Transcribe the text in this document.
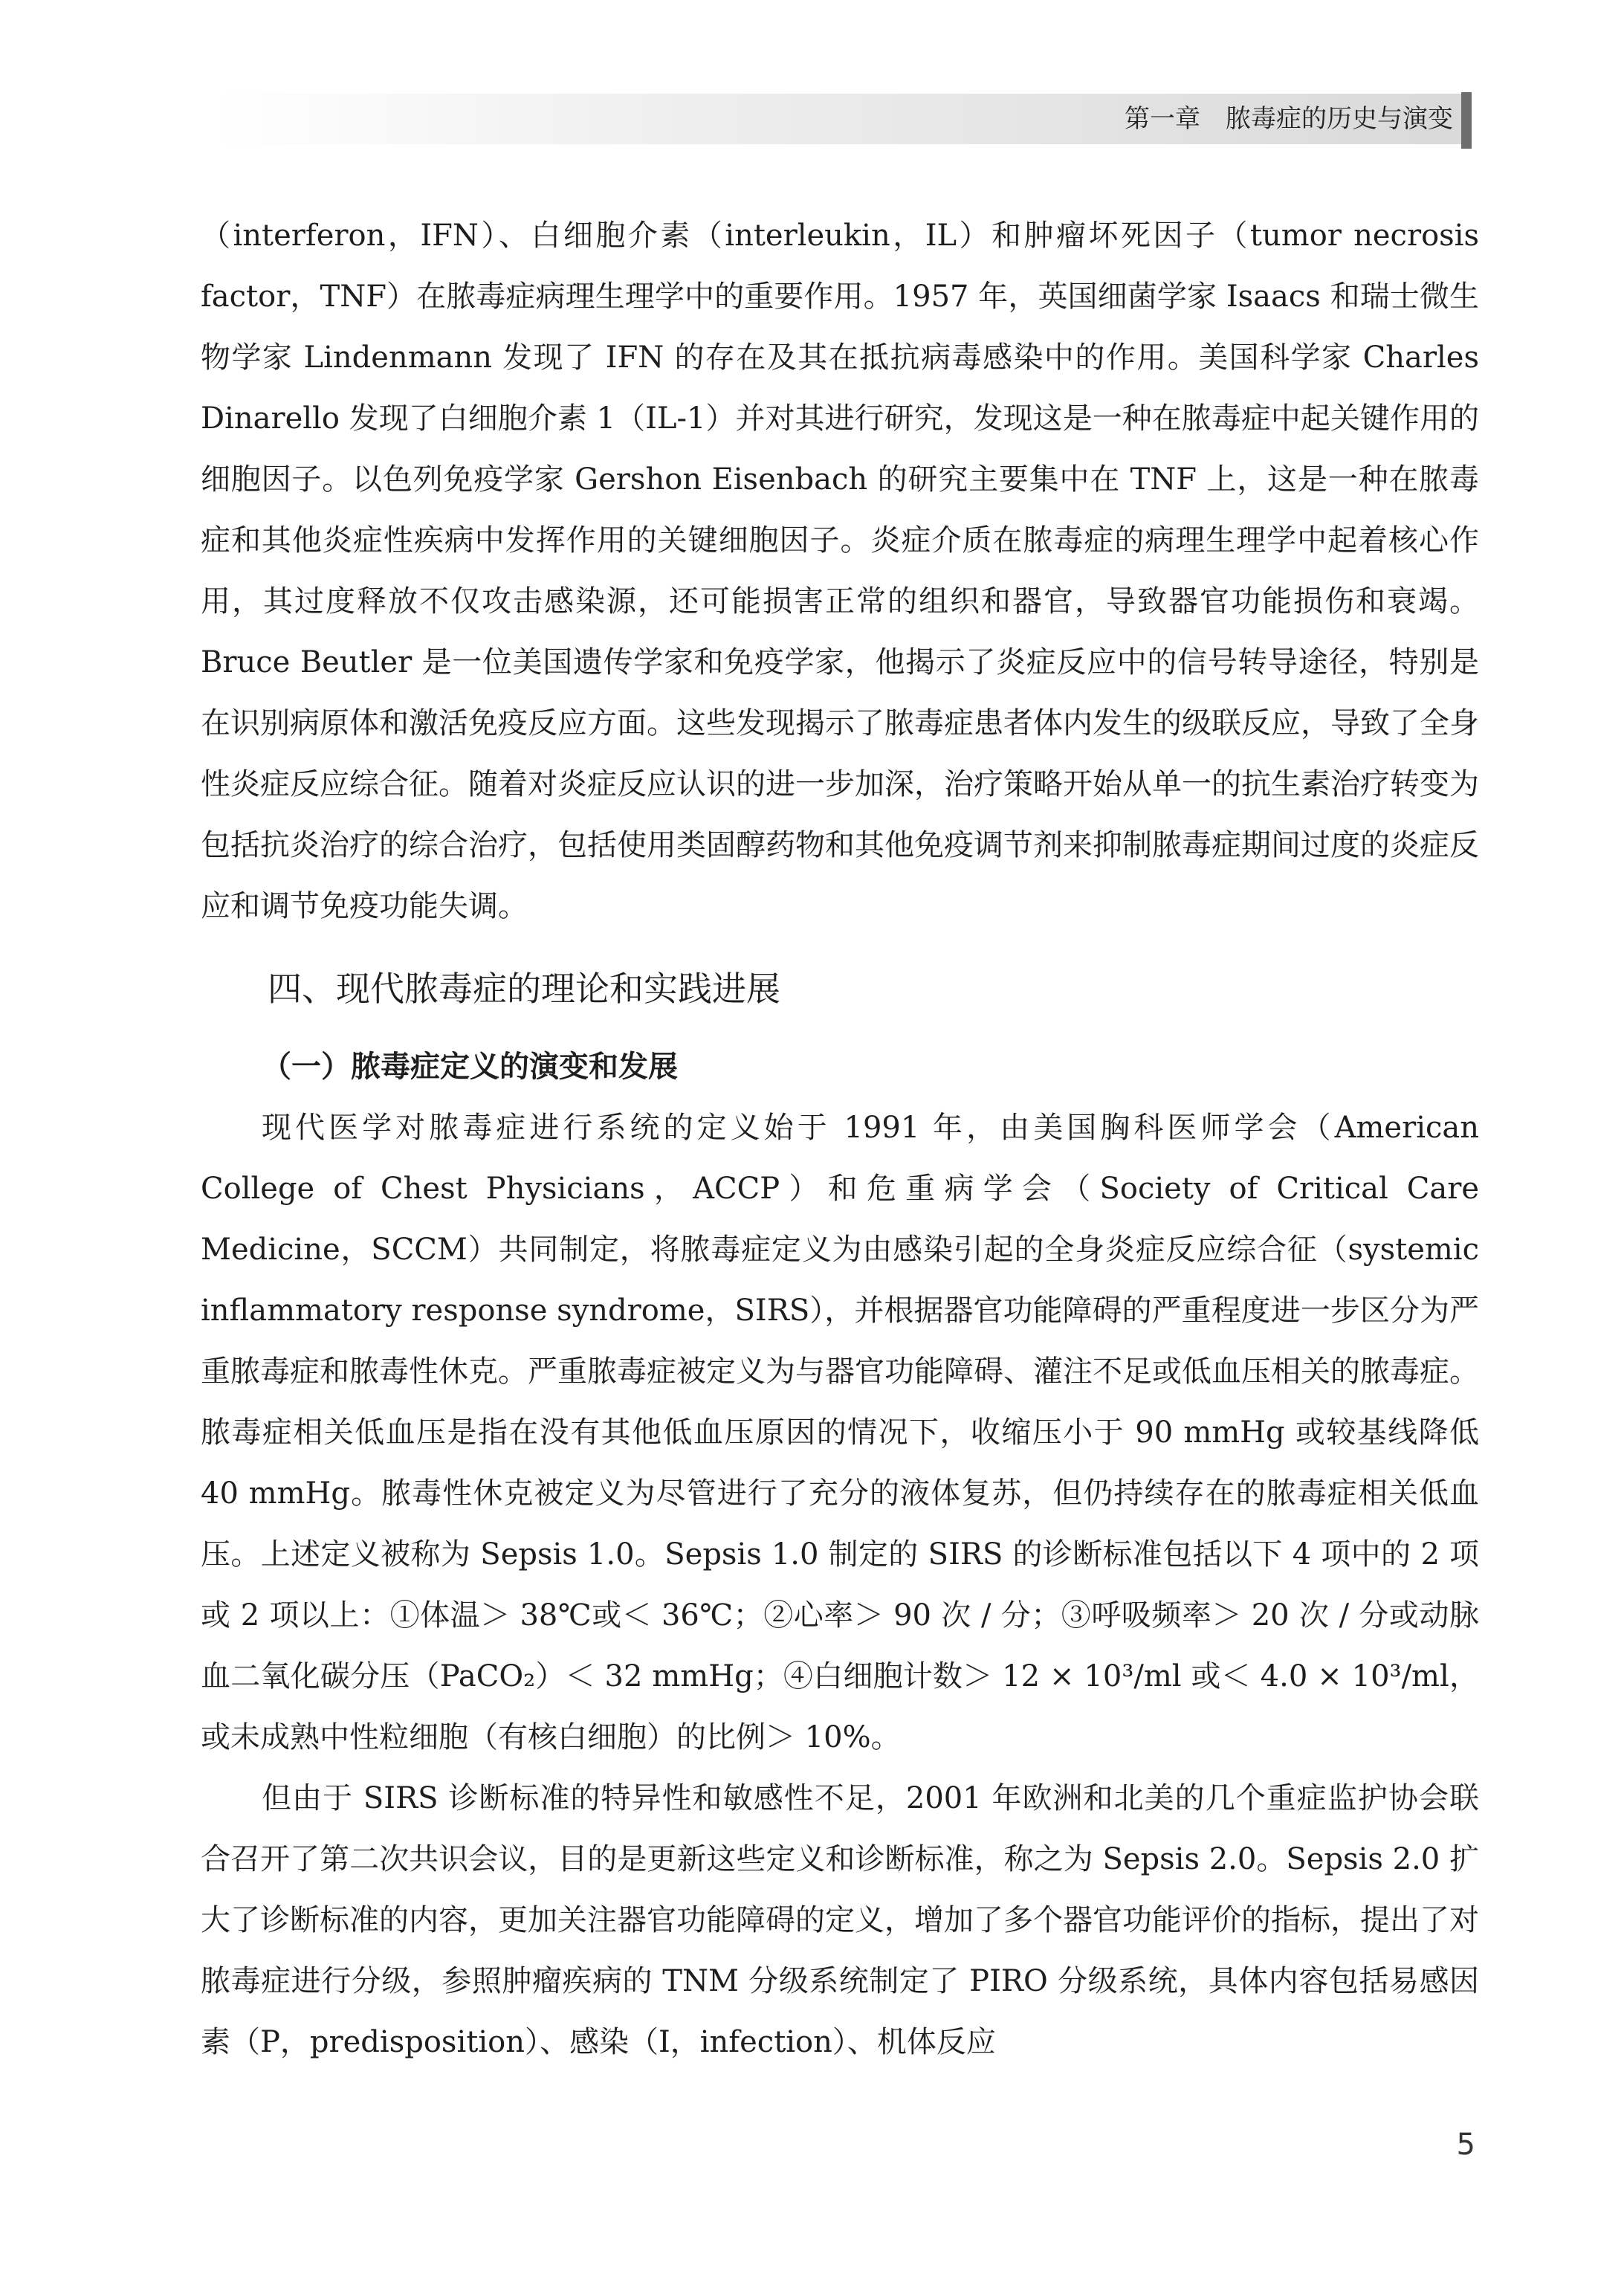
第一章　脓毒症的历史与演变

（interferon，IFN）、白细胞介素（interleukin，IL）和肿瘤坏死因子（tumor necrosis factor，TNF）在脓毒症病理生理学中的重要作用。1957 年，英国细菌学家 Isaacs 和瑞士微生物学家 Lindenmann 发现了 IFN 的存在及其在抵抗病毒感染中的作用。美国科学家 Charles Dinarello 发现了白细胞介素 1（IL-1）并对其进行研究，发现这是一种在脓毒症中起关键作用的细胞因子。以色列免疫学家 Gershon Eisenbach 的研究主要集中在 TNF 上，这是一种在脓毒症和其他炎症性疾病中发挥作用的关键细胞因子。炎症介质在脓毒症的病理生理学中起着核心作用，其过度释放不仅攻击感染源，还可能损害正常的组织和器官，导致器官功能损伤和衰竭。Bruce Beutler 是一位美国遗传学家和免疫学家，他揭示了炎症反应中的信号转导途径，特别是在识别病原体和激活免疫反应方面。这些发现揭示了脓毒症患者体内发生的级联反应，导致了全身性炎症反应综合征。随着对炎症反应认识的进一步加深，治疗策略开始从单一的抗生素治疗转变为包括抗炎治疗的综合治疗，包括使用类固醇药物和其他免疫调节剂来抑制脓毒症期间过度的炎症反应和调节免疫功能失调。

四、现代脓毒症的理论和实践进展
（一）脓毒症定义的演变和发展

现代医学对脓毒症进行系统的定义始于 1991 年，由美国胸科医师学会（American College of Chest Physicians，ACCP）和危重病学会（Society of Critical Care Medicine，SCCM）共同制定，将脓毒症定义为由感染引起的全身炎症反应综合征（systemic inflammatory response syndrome，SIRS），并根据器官功能障碍的严重程度进一步区分为严重脓毒症和脓毒性休克。严重脓毒症被定义为与器官功能障碍、灌注不足或低血压相关的脓毒症。脓毒症相关低血压是指在没有其他低血压原因的情况下，收缩压小于 90 mmHg 或较基线降低 40 mmHg。脓毒性休克被定义为尽管进行了充分的液体复苏，但仍持续存在的脓毒症相关低血压。上述定义被称为 Sepsis 1.0。Sepsis 1.0 制定的 SIRS 的诊断标准包括以下 4 项中的 2 项或 2 项以上：①体温＞ 38℃或＜ 36℃；②心率＞ 90 次 / 分；③呼吸频率＞ 20 次 / 分或动脉血二氧化碳分压（PaCO₂）＜ 32 mmHg；④白细胞计数＞ 12 × 10³/ml 或＜ 4.0 × 10³/ml，或未成熟中性粒细胞（有核白细胞）的比例＞ 10%。

但由于 SIRS 诊断标准的特异性和敏感性不足，2001 年欧洲和北美的几个重症监护协会联合召开了第二次共识会议，目的是更新这些定义和诊断标准，称之为 Sepsis 2.0。Sepsis 2.0 扩大了诊断标准的内容，更加关注器官功能障碍的定义，增加了多个器官功能评价的指标，提出了对脓毒症进行分级，参照肿瘤疾病的 TNM 分级系统制定了 PIRO 分级系统，具体内容包括易感因素（P，predisposition）、感染（I，infection）、机体反应

5
